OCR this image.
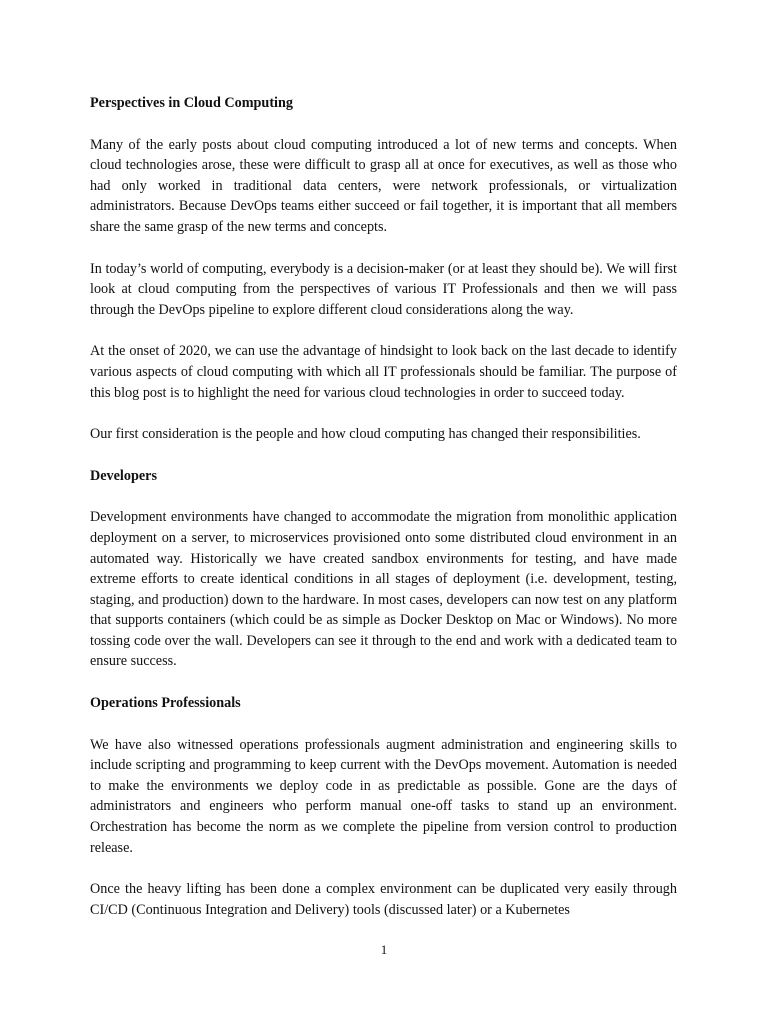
Perspectives in Cloud Computing

Many of the early posts about cloud computing introduced a lot of new terms and concepts. When cloud technologies arose, these were difficult to grasp all at once for executives, as well as those who had only worked in traditional data centers, were network professionals, or virtualization administrators. Because DevOps teams either succeed or fail together, it is important that all members share the same grasp of the new terms and concepts.

In today’s world of computing, everybody is a decision-maker (or at least they should be). We will first look at cloud computing from the perspectives of various IT Professionals and then we will pass through the DevOps pipeline to explore different cloud considerations along the way.

At the onset of 2020, we can use the advantage of hindsight to look back on the last decade to identify various aspects of cloud computing with which all IT professionals should be familiar. The purpose of this blog post is to highlight the need for various cloud technologies in order to succeed today.

Our first consideration is the people and how cloud computing has changed their responsibilities.

Developers

Development environments have changed to accommodate the migration from monolithic application deployment on a server, to microservices provisioned onto some distributed cloud environment in an automated way. Historically we have created sandbox environments for testing, and have made extreme efforts to create identical conditions in all stages of deployment (i.e. development, testing, staging, and production) down to the hardware. In most cases, developers can now test on any platform that supports containers (which could be as simple as Docker Desktop on Mac or Windows). No more tossing code over the wall. Developers can see it through to the end and work with a dedicated team to ensure success.

Operations Professionals

We have also witnessed operations professionals augment administration and engineering skills to include scripting and programming to keep current with the DevOps movement. Automation is needed to make the environments we deploy code in as predictable as possible. Gone are the days of administrators and engineers who perform manual one-off tasks to stand up an environment. Orchestration has become the norm as we complete the pipeline from version control to production release.

Once the heavy lifting has been done a complex environment can be duplicated very easily through CI/CD (Continuous Integration and Delivery) tools (discussed later) or a Kubernetes

1
